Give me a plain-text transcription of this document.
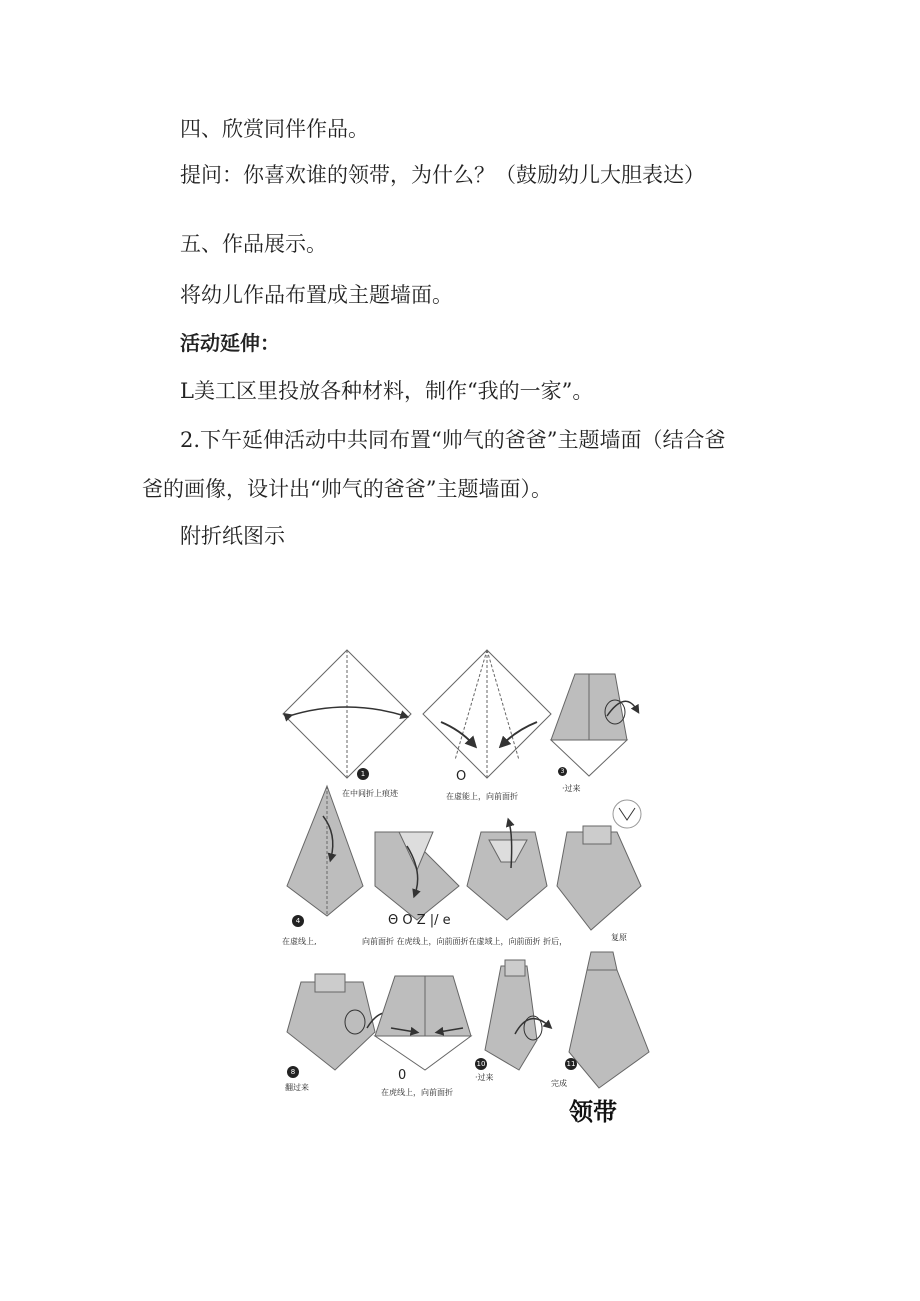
四、欣赏同伴作品。
提问：你喜欢谁的领带，为什么？（鼓励幼儿大胆表达）
五、作品展示。
将幼儿作品布置成主题墙面。
活动延伸：
L美工区里投放各种材料，制作“我的一家”。
2.下午延伸活动中共同布置“帅气的爸爸”主题墙面（结合爸
爸的画像，设计出“帅气的爸爸”主题墙面）。
附折纸图示
1
在中间折上痕迹
O
在虚能上，向前面折
3
·过来
4
在虚线上,
Θ O Z |/ e
向前面折 在虎线上，向前面折在虚域上，向前面折 折后，	复原
8
翻过来
0
在虎线上，向前面折
10
·过来
11
完成
领带
